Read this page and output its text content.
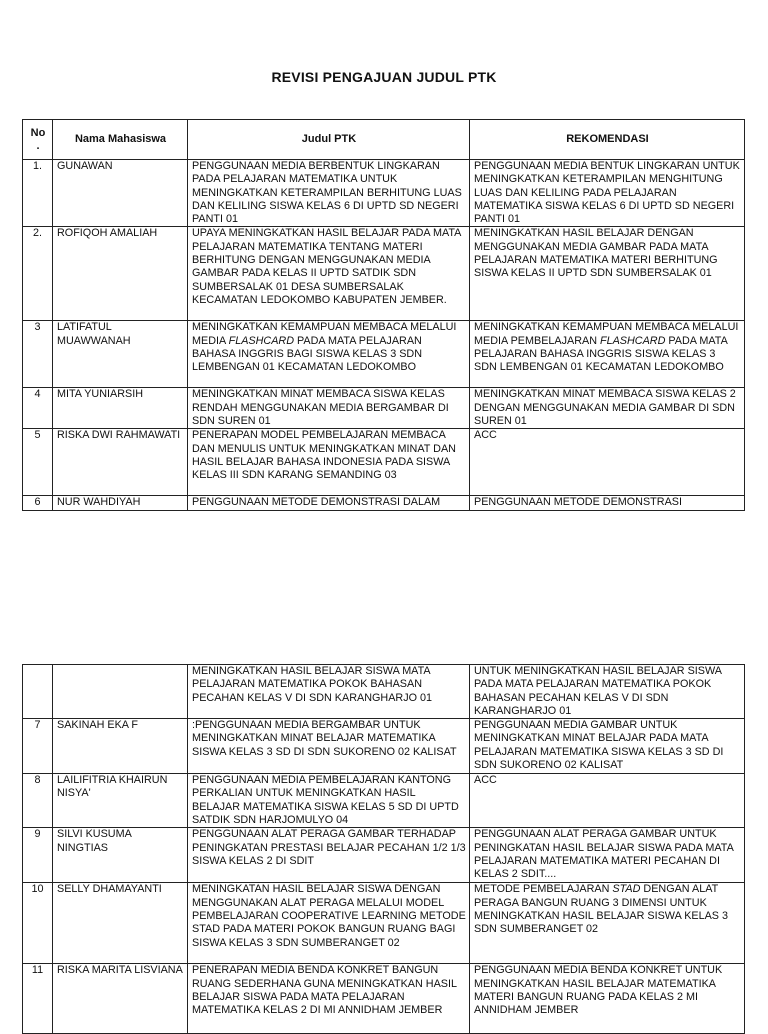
REVISI PENGAJUAN JUDUL PTK
No
.	Nama Mahasiswa	Judul PTK	REKOMENDASI
1.	GUNAWAN	PENGGUNAAN MEDIA BERBENTUK LINGKARAN PADA PELAJARAN MATEMATIKA UNTUK MENINGKATKAN KETERAMPILAN BERHITUNG LUAS DAN KELILING SISWA KELAS 6 DI UPTD SD NEGERI PANTI 01	PENGGUNAAN MEDIA BENTUK LINGKARAN UNTUK MENINGKATKAN KETERAMPILAN MENGHITUNG LUAS DAN KELILING PADA PELAJARAN MATEMATIKA SISWA KELAS 6 DI UPTD SD NEGERI PANTI 01
2.	ROFIQOH AMALIAH	UPAYA MENINGKATKAN HASIL BELAJAR PADA MATA PELAJARAN MATEMATIKA TENTANG MATERI BERHITUNG DENGAN MENGGUNAKAN MEDIA GAMBAR PADA KELAS II UPTD SATDIK SDN SUMBERSALAK 01 DESA SUMBERSALAK KECAMATAN LEDOKOMBO KABUPATEN JEMBER.	MENINGKATKAN HASIL BELAJAR DENGAN MENGGUNAKAN MEDIA GAMBAR PADA MATA PELAJARAN MATEMATIKA MATERI BERHITUNG SISWA KELAS II UPTD SDN SUMBERSALAK 01
3	LATIFATUL MUAWWANAH	MENINGKATKAN KEMAMPUAN MEMBACA MELALUI MEDIA FLASHCARD PADA MATA PELAJARAN BAHASA INGGRIS BAGI SISWA KELAS 3 SDN LEMBENGAN 01 KECAMATAN LEDOKOMBO	MENINGKATKAN KEMAMPUAN MEMBACA MELALUI MEDIA PEMBELAJARAN FLASHCARD PADA MATA PELAJARAN BAHASA INGGRIS SISWA KELAS 3 SDN LEMBENGAN 01 KECAMATAN LEDOKOMBO
4	MITA YUNIARSIH	MENINGKATKAN MINAT MEMBACA SISWA KELAS RENDAH MENGGUNAKAN MEDIA BERGAMBAR DI SDN SUREN 01	MENINGKATKAN MINAT MEMBACA SISWA KELAS 2 DENGAN MENGGUNAKAN MEDIA GAMBAR DI SDN SUREN 01
5	RISKA DWI RAHMAWATI	PENERAPAN MODEL PEMBELAJARAN MEMBACA DAN MENULIS UNTUK MENINGKATKAN MINAT DAN HASIL BELAJAR BAHASA INDONESIA PADA SISWA KELAS III SDN KARANG SEMANDING 03	ACC
6	NUR WAHDIYAH	PENGGUNAAN METODE DEMONSTRASI DALAM	PENGGUNAAN METODE DEMONSTRASI
		MENINGKATKAN HASIL BELAJAR SISWA MATA PELAJARAN MATEMATIKA POKOK BAHASAN PECAHAN KELAS V DI SDN KARANGHARJO 01	UNTUK MENINGKATKAN HASIL BELAJAR SISWA PADA MATA PELAJARAN MATEMATIKA POKOK BAHASAN PECAHAN KELAS V DI SDN KARANGHARJO 01
7	SAKINAH EKA F	:PENGGUNAAN MEDIA BERGAMBAR UNTUK MENINGKATKAN MINAT BELAJAR MATEMATIKA SISWA KELAS 3 SD DI SDN SUKORENO 02 KALISAT	PENGGUNAAN MEDIA GAMBAR UNTUK MENINGKATKAN MINAT BELAJAR PADA MATA PELAJARAN MATEMATIKA SISWA KELAS 3 SD DI SDN SUKORENO 02 KALISAT
8	LAILIFITRIA KHAIRUN NISYA'	PENGGUNAAN MEDIA PEMBELAJARAN KANTONG PERKALIAN UNTUK MENINGKATKAN HASIL BELAJAR MATEMATIKA SISWA KELAS 5 SD DI UPTD SATDIK SDN HARJOMULYO 04	ACC
9	SILVI KUSUMA NINGTIAS	PENGGUNAAN ALAT PERAGA GAMBAR TERHADAP PENINGKATAN PRESTASI BELAJAR PECAHAN 1/2 1/3 SISWA KELAS 2 DI SDIT	PENGGUNAAN ALAT PERAGA GAMBAR UNTUK PENINGKATAN HASIL BELAJAR SISWA PADA MATA PELAJARAN MATEMATIKA MATERI PECAHAN DI KELAS 2 SDIT....
10	SELLY DHAMAYANTI	MENINGKATAN HASIL BELAJAR SISWA DENGAN MENGGUNAKAN ALAT PERAGA MELALUI MODEL PEMBELAJARAN COOPERATIVE LEARNING METODE STAD PADA MATERI POKOK BANGUN RUANG BAGI SISWA KELAS 3 SDN SUMBERANGET 02	METODE PEMBELAJARAN STAD DENGAN ALAT PERAGA BANGUN RUANG 3 DIMENSI UNTUK MENINGKATKAN HASIL BELAJAR SISWA KELAS 3 SDN SUMBERANGET 02
11	RISKA MARITA LISVIANA	PENERAPAN MEDIA BENDA KONKRET BANGUN RUANG SEDERHANA GUNA MENINGKATKAN HASIL BELAJAR SISWA PADA MATA PELAJARAN MATEMATIKA KELAS 2 DI MI ANNIDHAM JEMBER	PENGGUNAAN MEDIA BENDA KONKRET UNTUK MENINGKATKAN HASIL BELAJAR MATEMATIKA MATERI BANGUN RUANG PADA KELAS 2 MI ANNIDHAM JEMBER
